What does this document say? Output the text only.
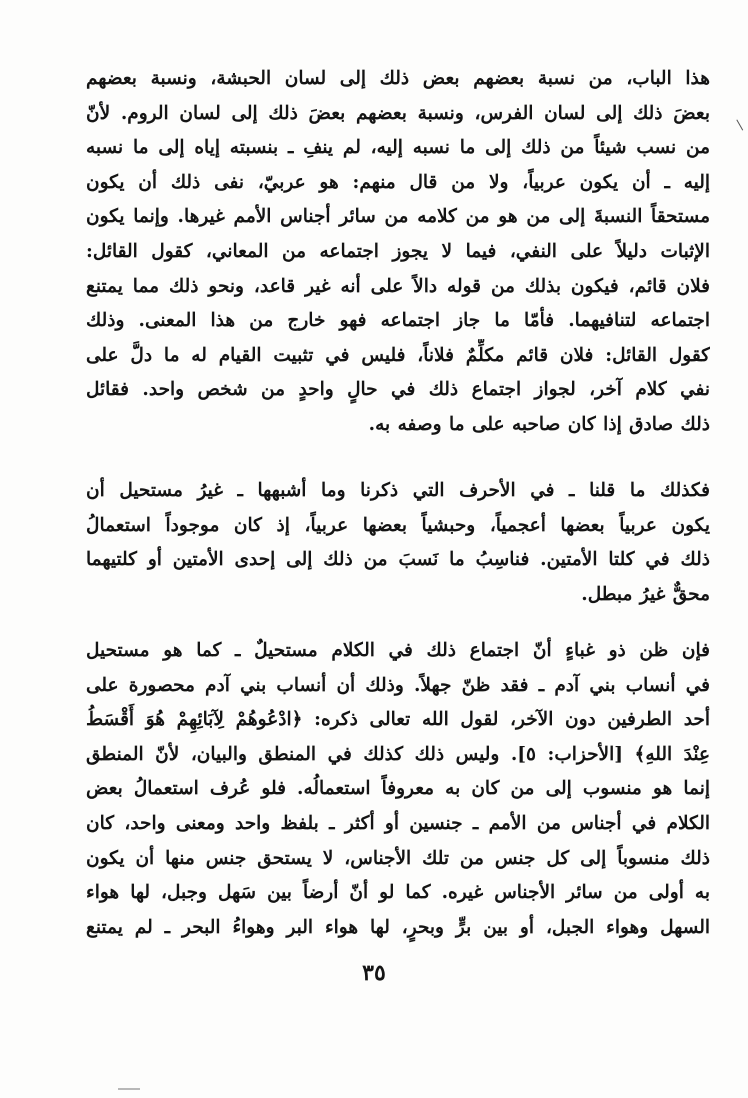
هذا الباب، من نسبة بعضهم بعض ذلك إلى لسان الحبشة، ونسبة بعضهم
بعضَ ذلك إلى لسان الفرس، ونسبة بعضهم بعضَ ذلك إلى لسان الروم. لأنّ
من نسب شيئاً من ذلك إلى ما نسبه إليه، لم ينفِ ـ بنسبته إياه إلى ما نسبه
إليه ـ أن يكون عربياً، ولا من قال منهم: هو عربيّ، نفى ذلك أن يكون
مستحقاً النسبةَ إلى من هو من كلامه من سائر أجناس الأمم غيرها. وإنما يكون
الإثبات دليلاً على النفي، فيما لا يجوز اجتماعه من المعاني، كقول القائل:
فلان قائم، فيكون بذلك من قوله دالاً على أنه غير قاعد، ونحو ذلك مما يمتنع
اجتماعه لتنافيهما. فأمّا ما جاز اجتماعه فهو خارج من هذا المعنى. وذلك
كقول القائل: فلان قائم مكلِّمٌ فلاناً، فليس في تثبيت القيام له ما دلَّ على
نفي كلام آخر، لجواز اجتماع ذلك في حالٍ واحدٍ من شخص واحد. فقائل
ذلك صادق إذا كان صاحبه على ما وصفه به.
فكذلك ما قلنا ـ في الأحرف التي ذكرنا وما أشبهها ـ غيرُ مستحيل أن
يكون عربياً بعضها أعجمياً، وحبشياً بعضها عربياً، إذ كان موجوداً استعمالُ
ذلك في كلتا الأمتين. فناسِبُ ما نَسبَ من ذلك إلى إحدى الأمتين أو كلتيهما
محقٌّ غيرُ مبطل.
فإن ظن ذو غباءٍ أنّ اجتماع ذلك في الكلام مستحيلٌ ـ كما هو مستحيل
في أنساب بني آدم ـ فقد ظنّ جهلاً. وذلك أن أنساب بني آدم محصورة على
أحد الطرفين دون الآخر، لقول الله تعالى ذكره: ﴿ادْعُوهُمْ لِآبَائِهِمْ هُوَ أَقْسَطُ
عِنْدَ اللهِ﴾ [الأحزاب: ٥]. وليس ذلك كذلك في المنطق والبيان، لأنّ المنطق
إنما هو منسوب إلى من كان به معروفاً استعمالُه. فلو عُرف استعمالُ بعض
الكلام في أجناس من الأمم ـ جنسين أو أكثر ـ بلفظ واحد ومعنى واحد، كان
ذلك منسوباً إلى كل جنس من تلك الأجناس، لا يستحق جنس منها أن يكون
به أولى من سائر الأجناس غيره. كما لو أنّ أرضاً بين سَهل وجبل، لها هواء
السهل وهواء الجبل، أو بين برٍّ وبحرٍ، لها هواء البر وهواءُ البحر ـ لم يمتنع
٣٥
